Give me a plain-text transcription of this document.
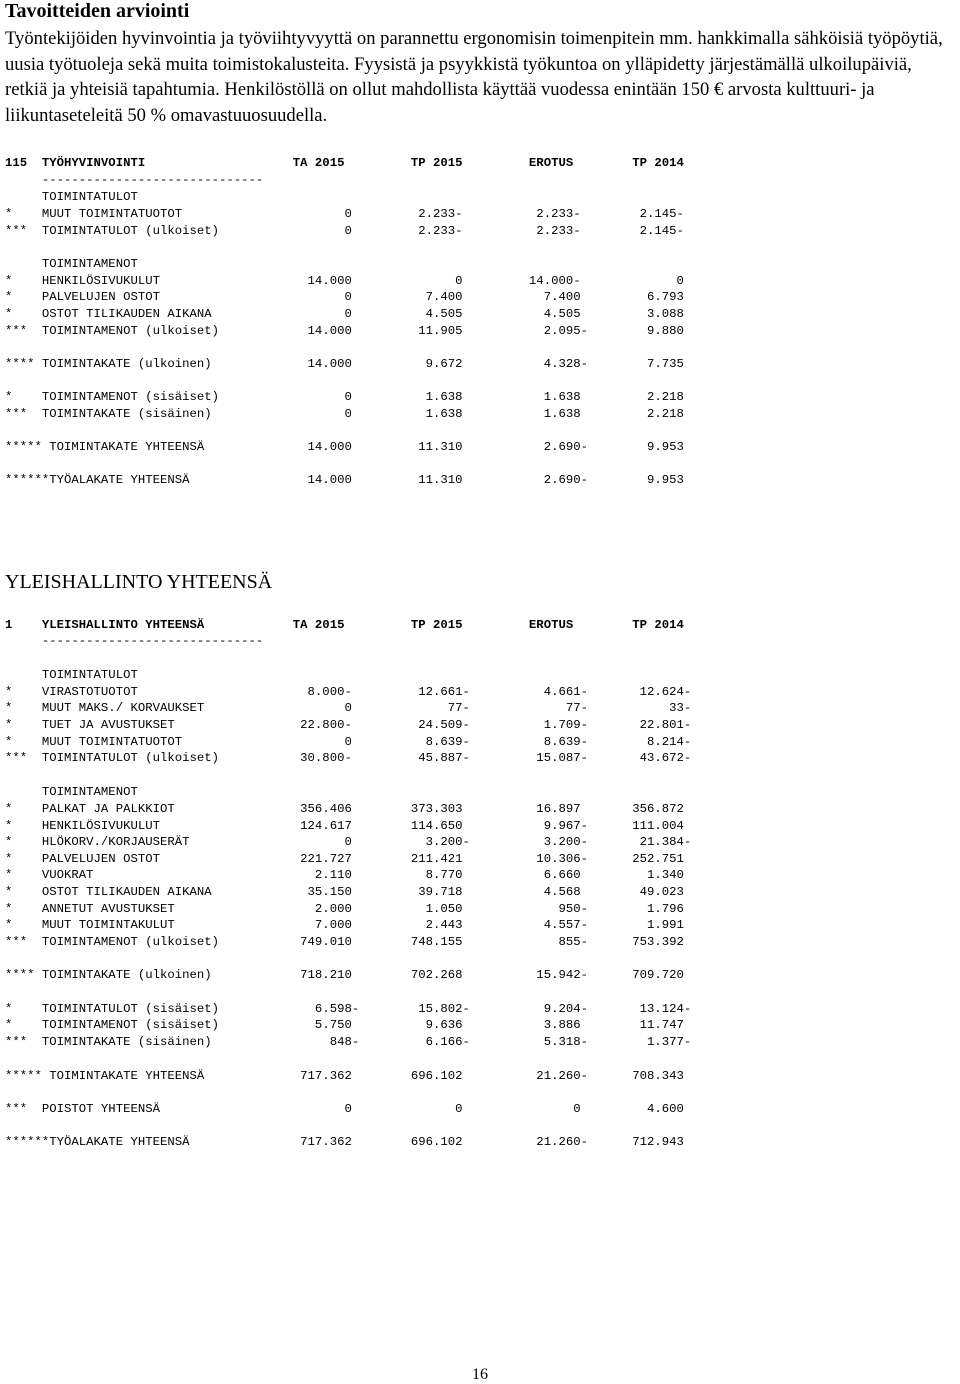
Tavoitteiden arviointi

Työntekijöiden hyvinvointia ja työviihtyvyyttä on parannettu ergonomisin toimenpitein mm. hankkimalla sähköisiä työpöytiä, uusia työtuoleja sekä muita toimistokalusteita. Fyysistä ja psyykkistä työkuntoa on ylläpidetty järjestämällä ulkoilupäiviä, retkiä ja yhteisiä tapahtumia. Henkilöstöllä on ollut mahdollista käyttää vuodessa enintään 150 € arvosta kulttuuri- ja liikuntaseteleitä 50 % omavastuuosuudella.

115  TYÖHYVINVOINTI                    TA 2015         TP 2015         EROTUS        TP 2014
------------------------------
TOIMINTATULOT
*    MUUT TOIMINTATUOTOT                      0         2.233-          2.233-        2.145-
***  TOIMINTATULOT (ulkoiset)                 0         2.233-          2.233-        2.145-
TOIMINTAMENOT
*    HENKILÖSIVUKULUT                    14.000              0         14.000-             0
*    PALVELUJEN OSTOT                         0          7.400           7.400         6.793
*    OSTOT TILIKAUDEN AIKANA                  0          4.505           4.505         3.088
***  TOIMINTAMENOT (ulkoiset)            14.000         11.905           2.095-        9.880
**** TOIMINTAKATE (ulkoinen)             14.000          9.672           4.328-        7.735
*    TOIMINTAMENOT (sisäiset)                 0          1.638           1.638         2.218
***  TOIMINTAKATE (sisäinen)                  0          1.638           1.638         2.218
***** TOIMINTAKATE YHTEENSÄ              14.000         11.310           2.690-        9.953
******TYÖALAKATE YHTEENSÄ                14.000         11.310           2.690-        9.953
YLEISHALLINTO YHTEENSÄ
1    YLEISHALLINTO YHTEENSÄ            TA 2015         TP 2015         EROTUS        TP 2014
------------------------------
TOIMINTATULOT
*    VIRASTOTUOTOT                       8.000-         12.661-          4.661-       12.624-
*    MUUT MAKS./ KORVAUKSET                   0             77-             77-           33-
*    TUET JA AVUSTUKSET                 22.800-         24.509-          1.709-       22.801-
*    MUUT TOIMINTATUOTOT                      0          8.639-          8.639-        8.214-
***  TOIMINTATULOT (ulkoiset)           30.800-         45.887-         15.087-       43.672-
TOIMINTAMENOT
*    PALKAT JA PALKKIOT                 356.406        373.303          16.897       356.872
*    HENKILÖSIVUKULUT                   124.617        114.650           9.967-      111.004
*    HLÖKORV./KORJAUSERÄT                     0          3.200-          3.200-       21.384-
*    PALVELUJEN OSTOT                   221.727        211.421          10.306-      252.751
*    VUOKRAT                              2.110          8.770           6.660         1.340
*    OSTOT TILIKAUDEN AIKANA             35.150         39.718           4.568        49.023
*    ANNETUT AVUSTUKSET                   2.000          1.050             950-        1.796
*    MUUT TOIMINTAKULUT                   7.000          2.443           4.557-        1.991
***  TOIMINTAMENOT (ulkoiset)           749.010        748.155             855-      753.392
**** TOIMINTAKATE (ulkoinen)            718.210        702.268          15.942-      709.720
*    TOIMINTATULOT (sisäiset)             6.598-        15.802-          9.204-       13.124-
*    TOIMINTAMENOT (sisäiset)             5.750          9.636           3.886        11.747
***  TOIMINTAKATE (sisäinen)                848-         6.166-          5.318-        1.377-
***** TOIMINTAKATE YHTEENSÄ             717.362        696.102          21.260-      708.343
***  POISTOT YHTEENSÄ                         0              0               0         4.600
******TYÖALAKATE YHTEENSÄ               717.362        696.102          21.260-      712.943
16
